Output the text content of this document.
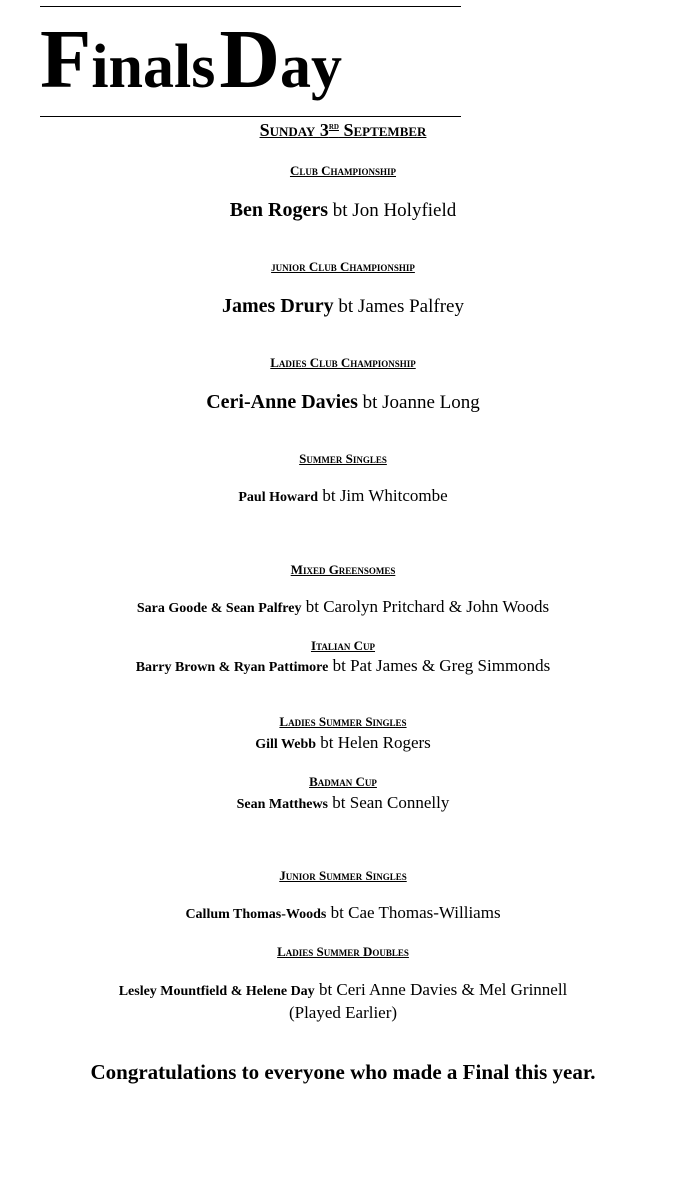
Finals Day
Sunday 3rd September
Club Championship
Ben Rogers bt Jon Holyfield
junior Club Championship
James Drury bt James Palfrey
Ladies Club Championship
Ceri-Anne Davies bt Joanne Long
Summer Singles
Paul Howard bt Jim Whitcombe
Mixed Greensomes
Sara Goode & Sean Palfrey bt Carolyn Pritchard & John Woods
Italian Cup
Barry Brown & Ryan Pattimore bt Pat James & Greg Simmonds
Ladies Summer Singles
Gill Webb bt Helen Rogers
Badman Cup
Sean Matthews bt Sean Connelly
Junior Summer Singles
Callum Thomas-Woods bt Cae Thomas-Williams
Ladies Summer Doubles
Lesley Mountfield & Helene Day bt Ceri Anne Davies & Mel Grinnell
(Played Earlier)
Congratulations to everyone who made a Final this year.
